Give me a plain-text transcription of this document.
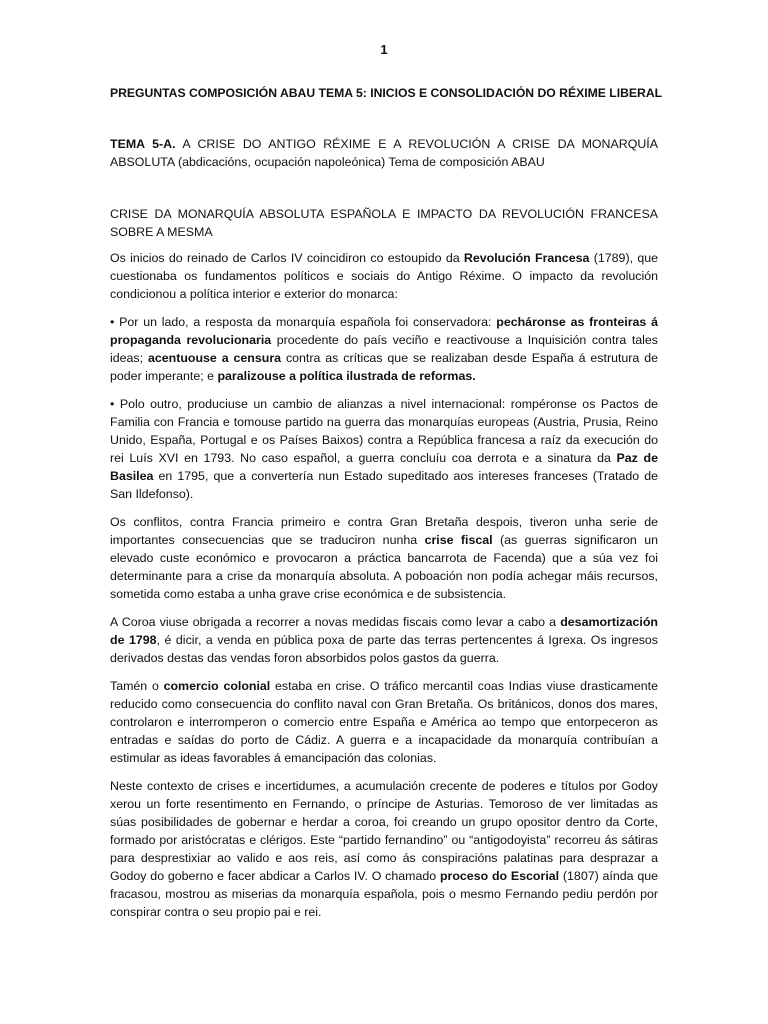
1

PREGUNTAS COMPOSICIÓN ABAU TEMA 5: INICIOS E CONSOLIDACIÓN DO RÉXIME LIBERAL

TEMA 5-A. A CRISE DO ANTIGO RÉXIME E A REVOLUCIÓN A CRISE DA MONARQUÍA ABSOLUTA (abdicacións, ocupación napoleónica) Tema de composición ABAU

CRISE DA MONARQUÍA ABSOLUTA ESPAÑOLA E IMPACTO DA REVOLUCIÓN FRANCESA SOBRE A MESMA

Os inicios do reinado de Carlos IV coincidiron co estoupido da Revolución Francesa (1789), que cuestionaba os fundamentos políticos e sociais do Antigo Réxime. O impacto da revolución condicionou a política interior e exterior do monarca:

• Por un lado, a resposta da monarquía española foi conservadora: pecháronse as fronteiras á propaganda revolucionaria procedente do país veciño e reactivouse a Inquisición contra tales ideas; acentuouse a censura contra as críticas que se realizaban desde España á estrutura de poder imperante; e paralizouse a política ilustrada de reformas.

• Polo outro, produciuse un cambio de alianzas a nivel internacional: rompéronse os Pactos de Familia con Francia e tomouse partido na guerra das monarquías europeas (Austria, Prusia, Reino Unido, España, Portugal e os Países Baixos) contra a República francesa a raíz da execución do rei Luís XVI en 1793. No caso español, a guerra concluíu coa derrota e a sinatura da Paz de Basilea en 1795, que a convertería nun Estado supeditado aos intereses franceses (Tratado de San Ildefonso).

Os conflitos, contra Francia primeiro e contra Gran Bretaña despois, tiveron unha serie de importantes consecuencias que se traduciron nunha crise fiscal (as guerras significaron un elevado custe económico e provocaron a práctica bancarrota de Facenda) que a súa vez foi determinante para a crise da monarquía absoluta. A poboación non podía achegar máis recursos, sometida como estaba a unha grave crise económica e de subsistencia.

A Coroa viuse obrigada a recorrer a novas medidas fiscais como levar a cabo a desamortización de 1798, é dicir, a venda en pública poxa de parte das terras pertencentes á Igrexa. Os ingresos derivados destas das vendas foron absorbidos polos gastos da guerra.

Tamén o comercio colonial estaba en crise. O tráfico mercantil coas Indias viuse drasticamente reducido como consecuencia do conflito naval con Gran Bretaña. Os británicos, donos dos mares, controlaron e interromperon o comercio entre España e América ao tempo que entorpeceron as entradas e saídas do porto de Cádiz. A guerra e a incapacidade da monarquía contribuían a estimular as ideas favorables á emancipación das colonias.

Neste contexto de crises e incertidumes, a acumulación crecente de poderes e títulos por Godoy xerou un forte resentimento en Fernando, o príncipe de Asturias. Temoroso de ver limitadas as súas posibilidades de gobernar e herdar a coroa, foi creando un grupo opositor dentro da Corte, formado por aristócratas e clérigos. Este “partido fernandino” ou “antigodoyista” recorreu ás sátiras para desprestixiar ao valido e aos reis, así como ás conspiracións palatinas para desprazar a Godoy do goberno e facer abdicar a Carlos IV. O chamado proceso do Escorial (1807) aínda que fracasou, mostrou as miserias da monarquía española, pois o mesmo Fernando pediu perdón por conspirar contra o seu propio pai e rei.
